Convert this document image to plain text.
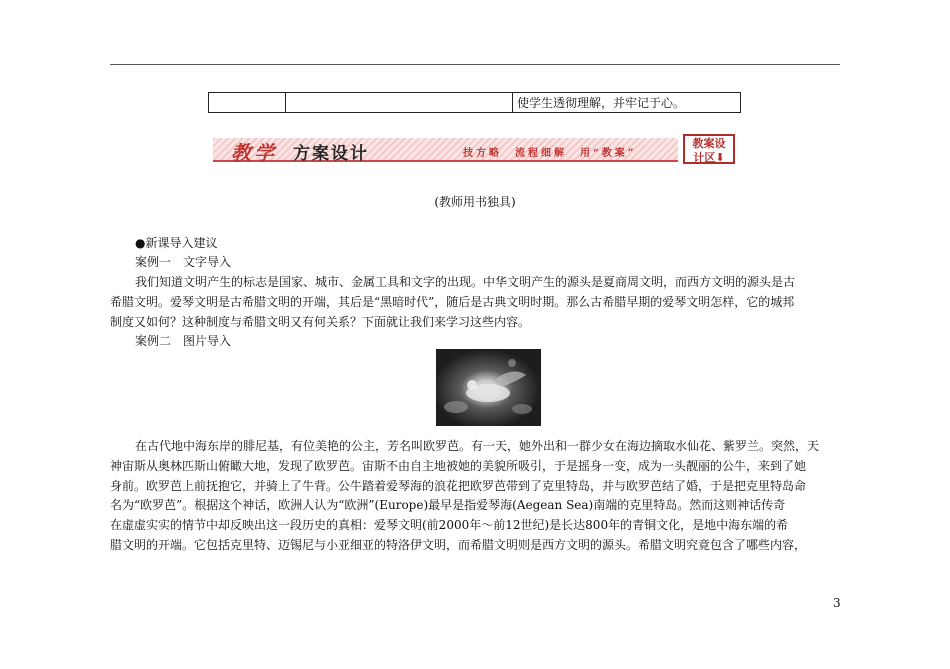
		使学生透彻理解，并牢记于心。
教学 方案设计	技方略　流程细解　用“教案”
教案设
计区⬇
(教师用书独具)
●新课导入建议
案例一　文字导入
我们知道文明产生的标志是国家、城市、金属工具和文字的出现。中华文明产生的源头是夏商周文明，而西方文明的源头是古
希腊文明。爱琴文明是古希腊文明的开端，其后是“黑暗时代”，随后是古典文明时期。那么古希腊早期的爱琴文明怎样，它的城邦
制度又如何？这种制度与希腊文明又有何关系？下面就让我们来学习这些内容。
案例二　图片导入
在古代地中海东岸的腓尼基，有位美艳的公主，芳名叫欧罗芭。有一天，她外出和一群少女在海边摘取水仙花、紫罗兰。突然，天
神宙斯从奥林匹斯山俯瞰大地，发现了欧罗芭。宙斯不由自主地被她的美貌所吸引，于是摇身一变，成为一头靓丽的公牛，来到了她
身前。欧罗芭上前抚抱它，并骑上了牛背。公牛踏着爱琴海的浪花把欧罗芭带到了克里特岛，并与欧罗芭结了婚，于是把克里特岛命
名为“欧罗芭”。根据这个神话，欧洲人认为“欧洲”(Europe)最早是指爱琴海(Aegean Sea)南端的克里特岛。然而这则神话传奇
在虚虚实实的情节中却反映出这一段历史的真相：爱琴文明(前2000年～前12世纪)是长达800年的青铜文化，是地中海东端的希
腊文明的开端。它包括克里特、迈锡尼与小亚细亚的特洛伊文明，而希腊文明则是西方文明的源头。希腊文明究竟包含了哪些内容，
3
